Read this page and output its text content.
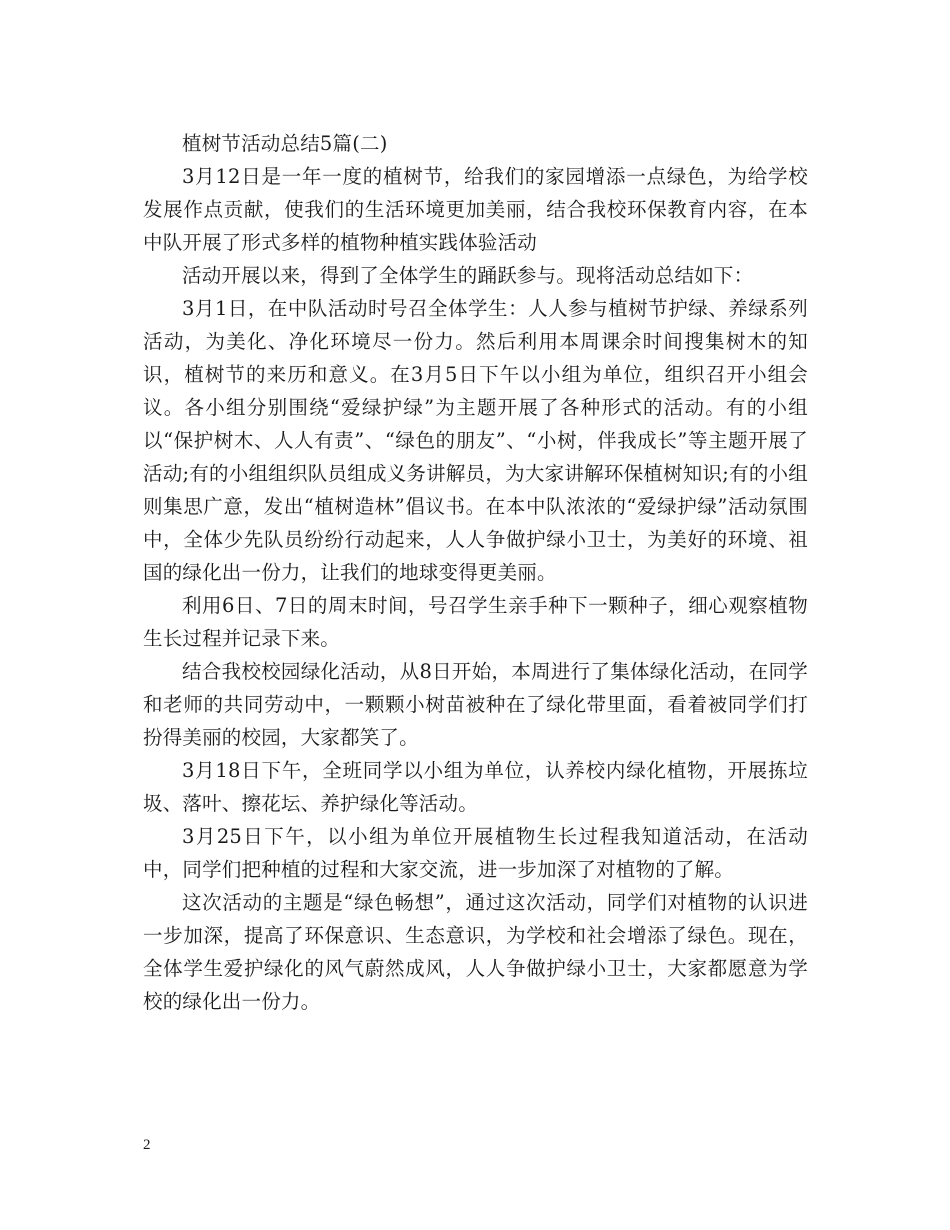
植树节活动总结5篇(二)

3月12日是一年一度的植树节，给我们的家园增添一点绿色，为给学校发展作点贡献，使我们的生活环境更加美丽，结合我校环保教育内容，在本中队开展了形式多样的植物种植实践体验活动

活动开展以来，得到了全体学生的踊跃参与。现将活动总结如下：

3月1日，在中队活动时号召全体学生：人人参与植树节护绿、养绿系列活动，为美化、净化环境尽一份力。然后利用本周课余时间搜集树木的知识，植树节的来历和意义。在3月5日下午以小组为单位，组织召开小组会议。各小组分别围绕“爱绿护绿”为主题开展了各种形式的活动。有的小组以“保护树木、人人有责”、“绿色的朋友”、“小树，伴我成长”等主题开展了活动;有的小组组织队员组成义务讲解员，为大家讲解环保植树知识;有的小组则集思广意，发出“植树造林”倡议书。在本中队浓浓的“爱绿护绿”活动氛围中，全体少先队员纷纷行动起来，人人争做护绿小卫士，为美好的环境、祖国的绿化出一份力，让我们的地球变得更美丽。

利用6日、7日的周末时间，号召学生亲手种下一颗种子，细心观察植物生长过程并记录下来。

结合我校校园绿化活动，从8日开始，本周进行了集体绿化活动，在同学和老师的共同劳动中，一颗颗小树苗被种在了绿化带里面，看着被同学们打扮得美丽的校园，大家都笑了。

3月18日下午，全班同学以小组为单位，认养校内绿化植物，开展拣垃圾、落叶、擦花坛、养护绿化等活动。

3月25日下午，以小组为单位开展植物生长过程我知道活动，在活动中，同学们把种植的过程和大家交流，进一步加深了对植物的了解。

这次活动的主题是“绿色畅想”，通过这次活动，同学们对植物的认识进一步加深，提高了环保意识、生态意识，为学校和社会增添了绿色。现在，全体学生爱护绿化的风气蔚然成风，人人争做护绿小卫士，大家都愿意为学校的绿化出一份力。

2
